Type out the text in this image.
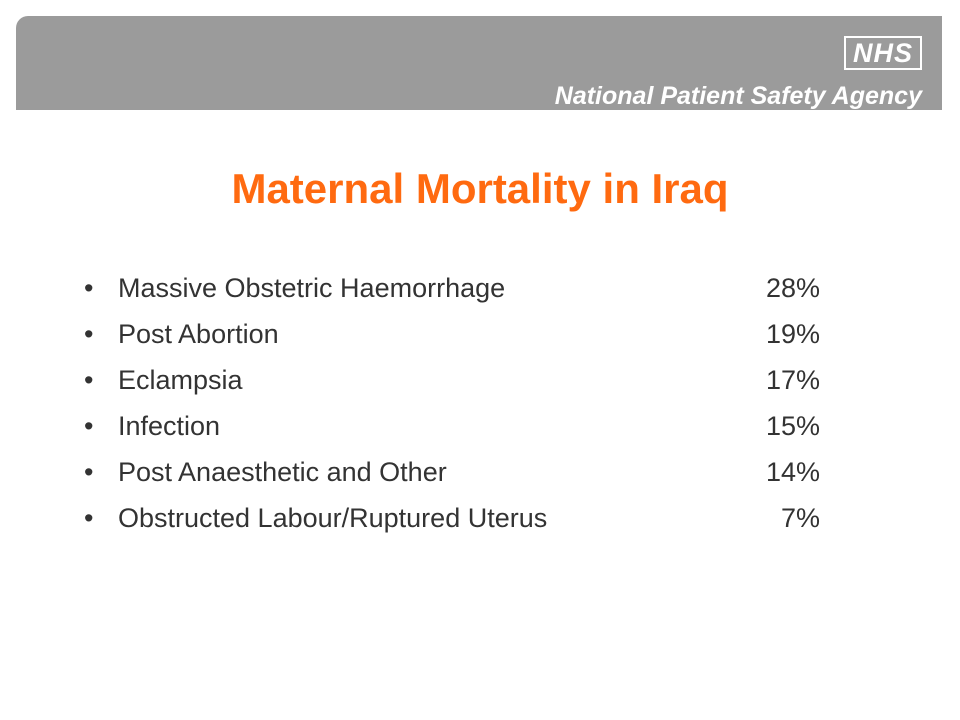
NHS
National Patient Safety Agency
Maternal Mortality in Iraq
• Massive Obstetric Haemorrhage	28%
• Post Abortion	19%
• Eclampsia	17%
• Infection	15%
• Post Anaesthetic and Other	14%
• Obstructed Labour/Ruptured Uterus	7%
